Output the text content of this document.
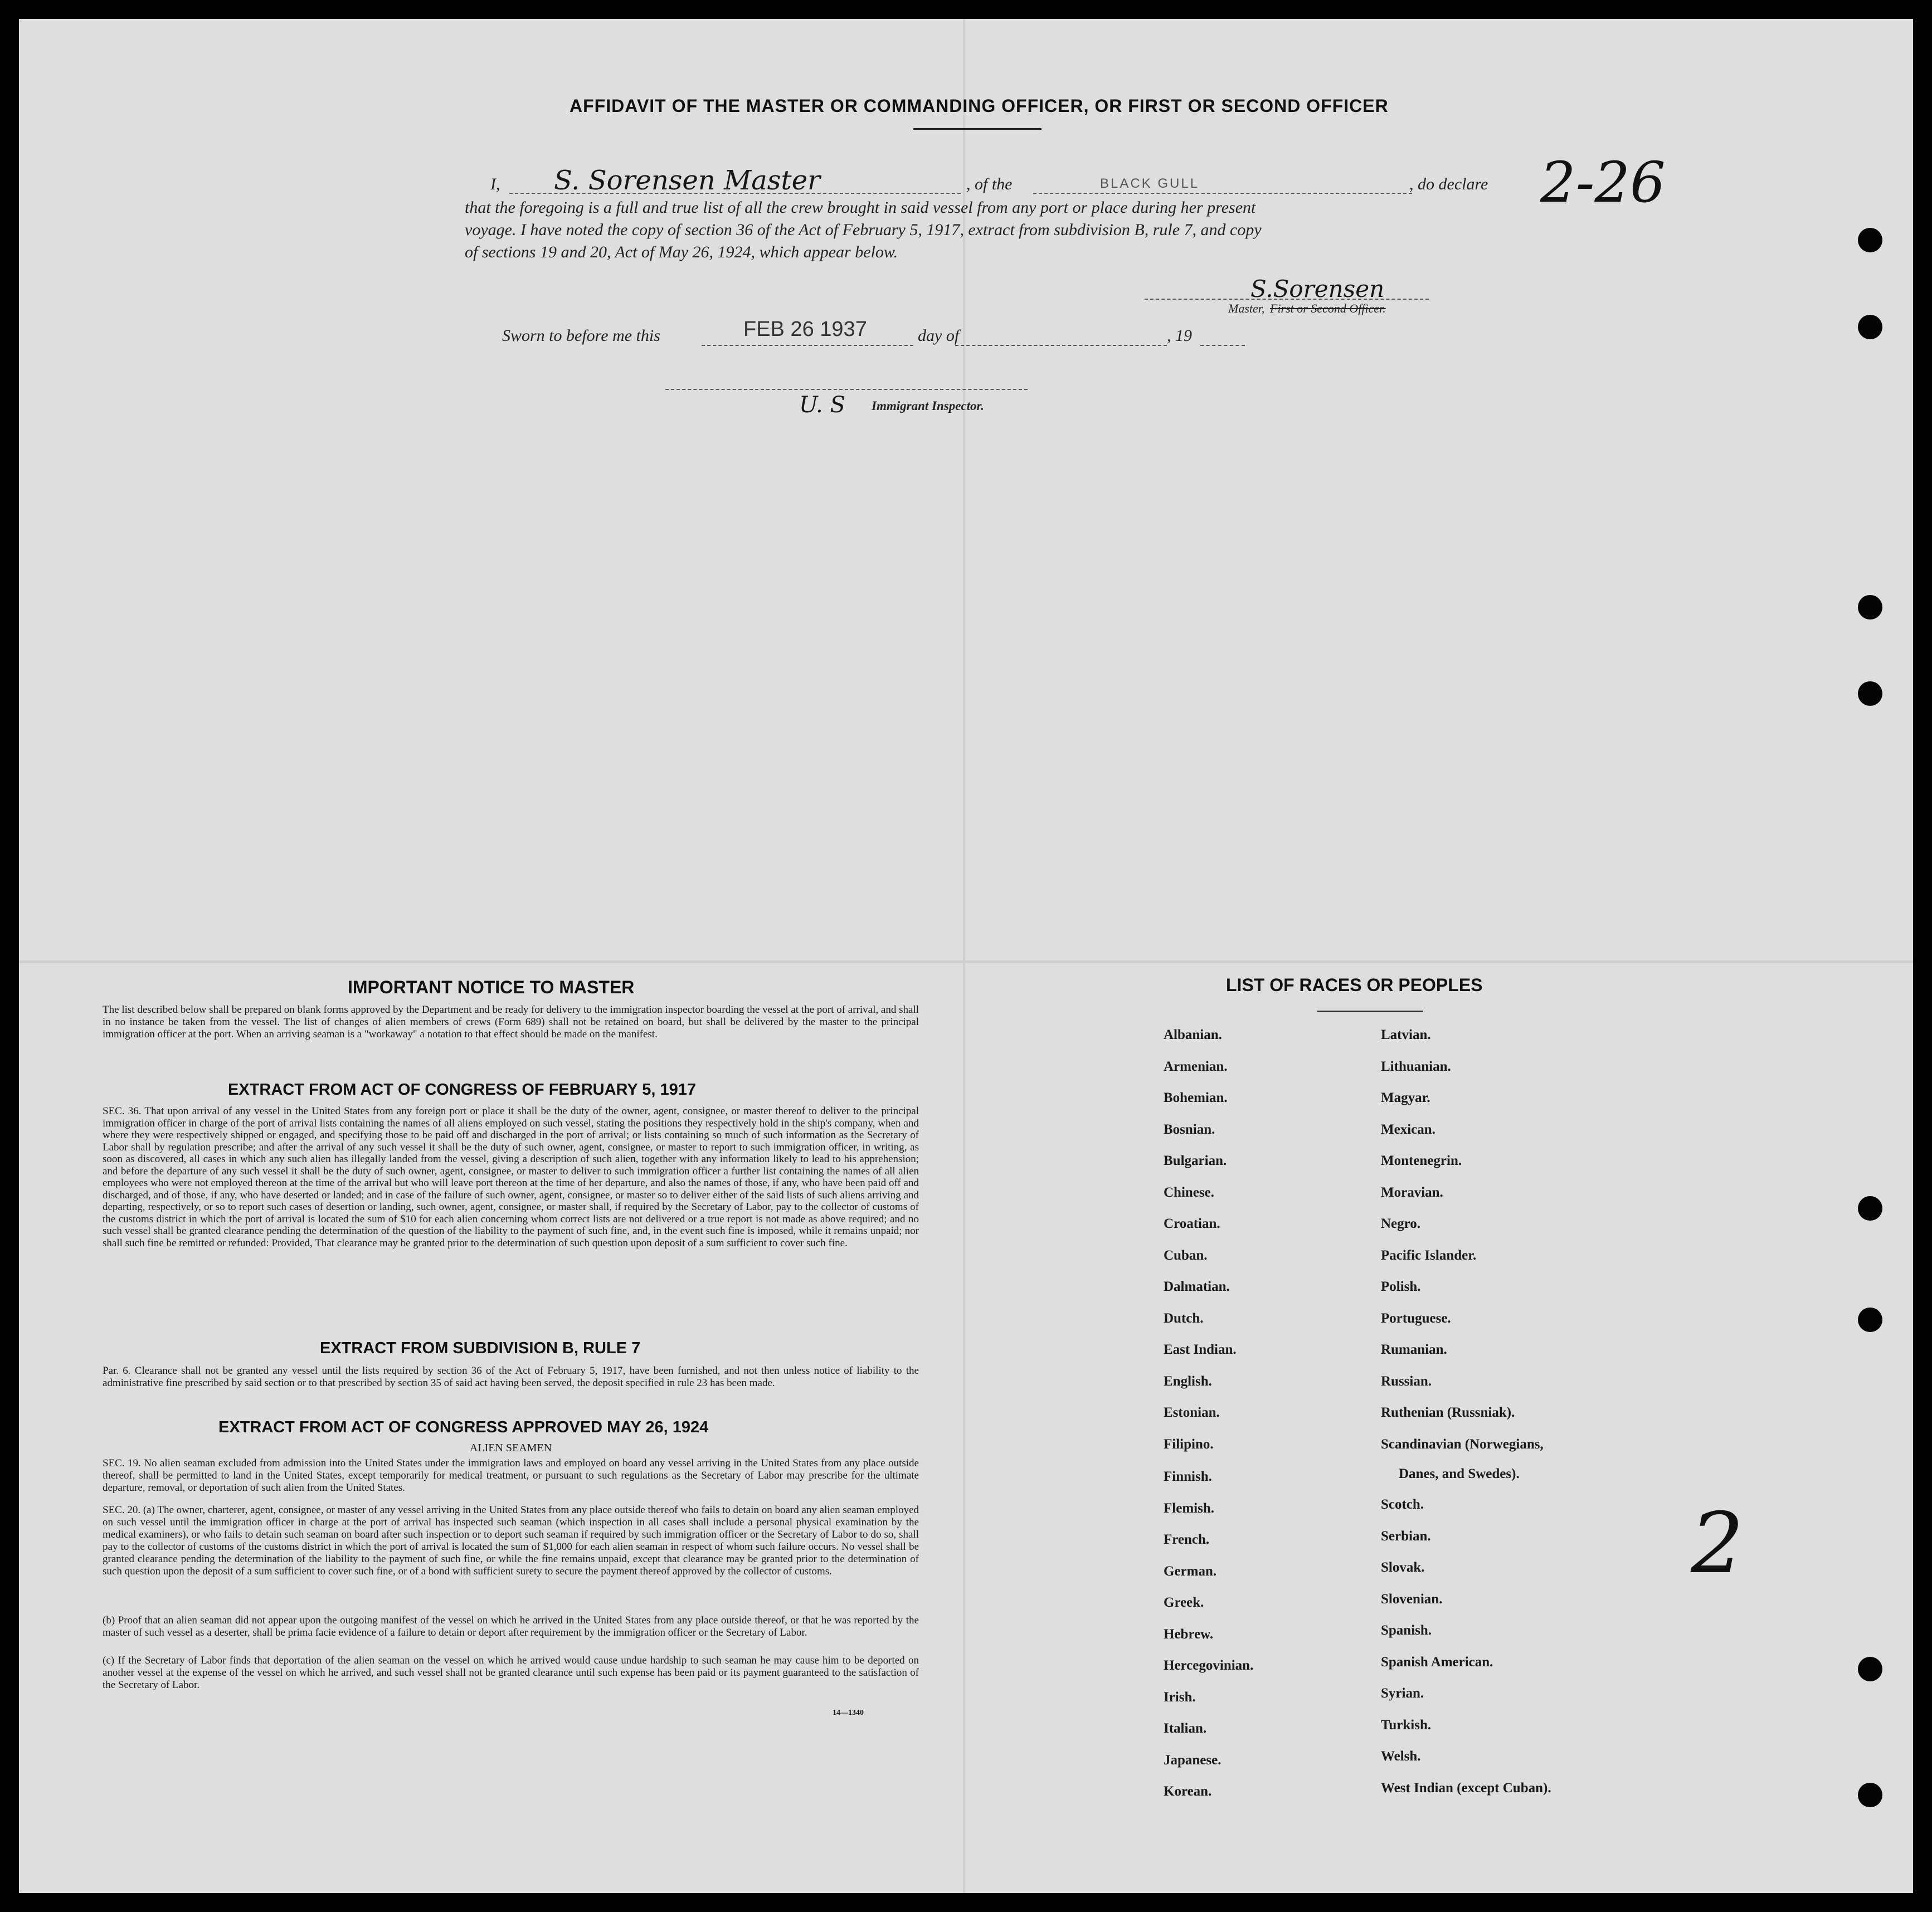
AFFIDAVIT OF THE MASTER OR COMMANDING OFFICER, OR FIRST OR SECOND OFFICER
I, S. Sorensen Master	, of the	BLACK GULL	, do declare
that the foregoing is a full and true list of all the crew brought in said vessel from any port or place during her present
voyage. I have noted the copy of section 36 of the Act of February 5, 1917, extract from subdivision B, rule 7, and copy
of sections 19 and 20, Act of May 26, 1924, which appear below.
2-26
S.Sorensen
Master, First or Second Officer.
Sworn to before me this	FEB 26 1937	day of	, 19
U. S Immigrant Inspector.
IMPORTANT NOTICE TO MASTER
The list described below shall be prepared on blank forms approved by the Department and be ready for delivery to the immigration inspector boarding the vessel at the port of arrival, and shall in no instance be taken from the vessel. The list of changes of alien members of crews (Form 689) shall not be retained on board, but shall be delivered by the master to the principal immigration officer at the port. When an arriving seaman is a "workaway" a notation to that effect should be made on the manifest.
EXTRACT FROM ACT OF CONGRESS OF FEBRUARY 5, 1917
SEC. 36. That upon arrival of any vessel in the United States from any foreign port or place it shall be the duty of the owner, agent, consignee, or master thereof to deliver to the principal immigration officer in charge of the port of arrival lists containing the names of all aliens employed on such vessel, stating the positions they respectively hold in the ship's company, when and where they were respectively shipped or engaged, and specifying those to be paid off and discharged in the port of arrival; or lists containing so much of such information as the Secretary of Labor shall by regulation prescribe; and after the arrival of any such vessel it shall be the duty of such owner, agent, consignee, or master to report to such immigration officer, in writing, as soon as discovered, all cases in which any such alien has illegally landed from the vessel, giving a description of such alien, together with any information likely to lead to his apprehension; and before the departure of any such vessel it shall be the duty of such owner, agent, consignee, or master to deliver to such immigration officer a further list containing the names of all alien employees who were not employed thereon at the time of the arrival but who will leave port thereon at the time of her departure, and also the names of those, if any, who have been paid off and discharged, and of those, if any, who have deserted or landed; and in case of the failure of such owner, agent, consignee, or master so to deliver either of the said lists of such aliens arriving and departing, respectively, or so to report such cases of desertion or landing, such owner, agent, consignee, or master shall, if required by the Secretary of Labor, pay to the collector of customs of the customs district in which the port of arrival is located the sum of $10 for each alien concerning whom correct lists are not delivered or a true report is not made as above required; and no such vessel shall be granted clearance pending the determination of the question of the liability to the payment of such fine, and, in the event such fine is imposed, while it remains unpaid; nor shall such fine be remitted or refunded: Provided, That clearance may be granted prior to the determination of such question upon deposit of a sum sufficient to cover such fine.
EXTRACT FROM SUBDIVISION B, RULE 7
Par. 6. Clearance shall not be granted any vessel until the lists required by section 36 of the Act of February 5, 1917, have been furnished, and not then unless notice of liability to the administrative fine prescribed by said section or to that prescribed by section 35 of said act having been served, the deposit specified in rule 23 has been made.
EXTRACT FROM ACT OF CONGRESS APPROVED MAY 26, 1924
ALIEN SEAMEN
SEC. 19. No alien seaman excluded from admission into the United States under the immigration laws and employed on board any vessel arriving in the United States from any place outside thereof, shall be permitted to land in the United States, except temporarily for medical treatment, or pursuant to such regulations as the Secretary of Labor may prescribe for the ultimate departure, removal, or deportation of such alien from the United States.
SEC. 20. (a) The owner, charterer, agent, consignee, or master of any vessel arriving in the United States from any place outside thereof who fails to detain on board any alien seaman employed on such vessel until the immigration officer in charge at the port of arrival has inspected such seaman (which inspection in all cases shall include a personal physical examination by the medical examiners), or who fails to detain such seaman on board after such inspection or to deport such seaman if required by such immigration officer or the Secretary of Labor to do so, shall pay to the collector of customs of the customs district in which the port of arrival is located the sum of $1,000 for each alien seaman in respect of whom such failure occurs. No vessel shall be granted clearance pending the determination of the liability to the payment of such fine, or while the fine remains unpaid, except that clearance may be granted prior to the determination of such question upon the deposit of a sum sufficient to cover such fine, or of a bond with sufficient surety to secure the payment thereof approved by the collector of customs.
(b) Proof that an alien seaman did not appear upon the outgoing manifest of the vessel on which he arrived in the United States from any place outside thereof, or that he was reported by the master of such vessel as a deserter, shall be prima facie evidence of a failure to detain or deport after requirement by the immigration officer or the Secretary of Labor.
(c) If the Secretary of Labor finds that deportation of the alien seaman on the vessel on which he arrived would cause undue hardship to such seaman he may cause him to be deported on another vessel at the expense of the vessel on which he arrived, and such vessel shall not be granted clearance until such expense has been paid or its payment guaranteed to the satisfaction of the Secretary of Labor.
14—1340
LIST OF RACES OR PEOPLES
Albanian.
Armenian.
Bohemian.
Bosnian.
Bulgarian.
Chinese.
Croatian.
Cuban.
Dalmatian.
Dutch.
East Indian.
English.
Estonian.
Filipino.
Finnish.
Flemish.
French.
German.
Greek.
Hebrew.
Hercegovinian.
Irish.
Italian.
Japanese.
Korean.
Latvian.
Lithuanian.
Magyar.
Mexican.
Montenegrin.
Moravian.
Negro.
Pacific Islander.
Polish.
Portuguese.
Rumanian.
Russian.
Ruthenian (Russniak).
Scandinavian (Norwegians,
Scotch.
Serbian.
Slovak.
Slovenian.
Spanish.
Spanish American.
Syrian.
Turkish.
Welsh.
West Indian (except Cuban).
Danes, and Swedes).
2
